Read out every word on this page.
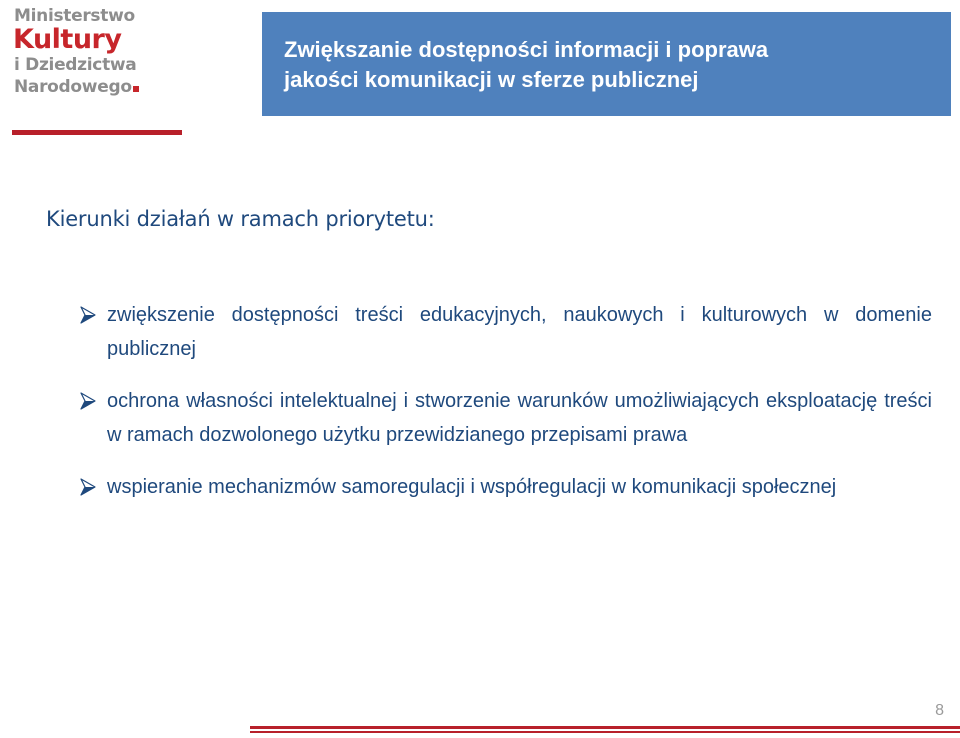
Ministerstwo
Kultury
i Dziedzictwa
Narodowego

Zwiększanie dostępności informacji i poprawa
jakości komunikacji w sferze publicznej

Kierunki działań w ramach priorytetu:
zwiększenie dostępności treści edukacyjnych, naukowych i kulturowych w domenie publicznej
ochrona własności intelektualnej i stworzenie warunków umożliwiających eksploatację treści w ramach dozwolonego użytku przewidzianego przepisami prawa
wspieranie mechanizmów samoregulacji i współregulacji w komunikacji społecznej
8
